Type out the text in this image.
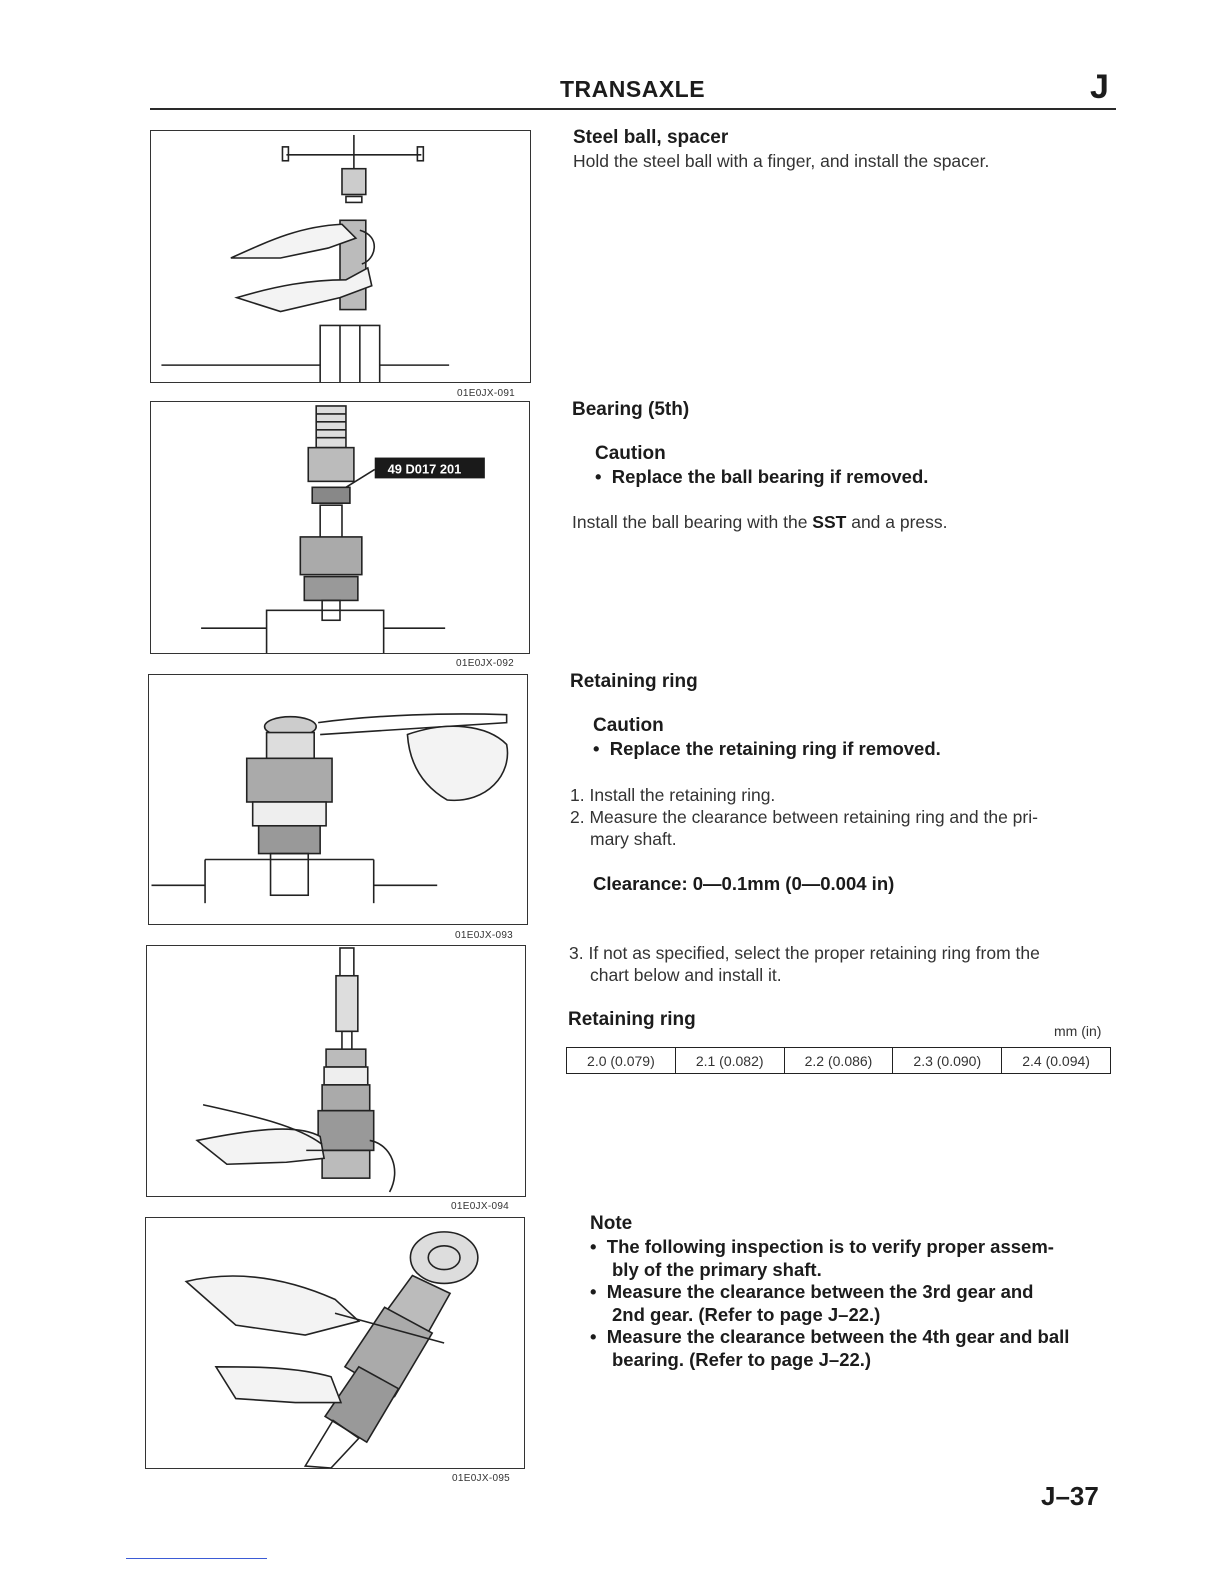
TRANSAXLE	J
01E0JX-091
49 D017 201
01E0JX-092
01E0JX-093
01E0JX-094
01E0JX-095
Steel ball, spacer
Hold the steel ball with a finger, and install the spacer.
Bearing (5th)
Caution
•  Replace the ball bearing if removed.
Install the ball bearing with the SST and a press.
Retaining ring
Caution
•  Replace the retaining ring if removed.
1. Install the retaining ring.
2. Measure the clearance between retaining ring and the pri-
mary shaft.
Clearance: 0—0.1mm (0—0.004 in)
3. If not as specified, select the proper retaining ring from the
chart below and install it.
Retaining ring
mm (in)
2.0 (0.079)	2.1 (0.082)	2.2 (0.086)	2.3 (0.090)	2.4 (0.094)
Note
•  The following inspection is to verify proper assem-
bly of the primary shaft.
•  Measure the clearance between the 3rd gear and
2nd gear. (Refer to page J–22.)
•  Measure the clearance between the 4th gear and ball
bearing. (Refer to page J–22.)
J–37
